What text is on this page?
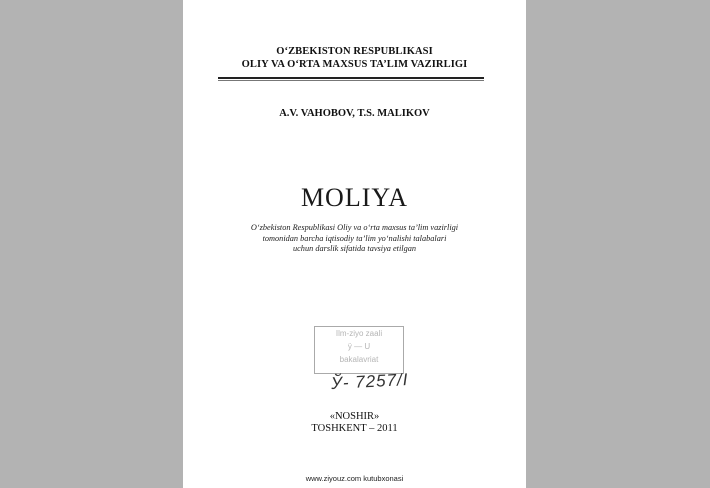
O‘ZBEKISTON RESPUBLIKASI
OLIY VA O‘RTA MAXSUS TA’LIM VAZIRLIGI
A.V. VAHOBOV, T.S. MALIKOV
MOLIYA
O‘zbekiston Respublikasi Oliy va o‘rta maxsus ta’lim vazirligi
tomonidan barcha iqtisodiy ta’lim yo‘nalishi talabalari
uchun darslik sifatida tavsiya etilgan
Ilm-ziyo zaali
ÿ — U
bakalavriat
Ў- 7257/I
«NOSHIR»
TOSHKENT – 2011
www.ziyouz.com kutubxonasi
